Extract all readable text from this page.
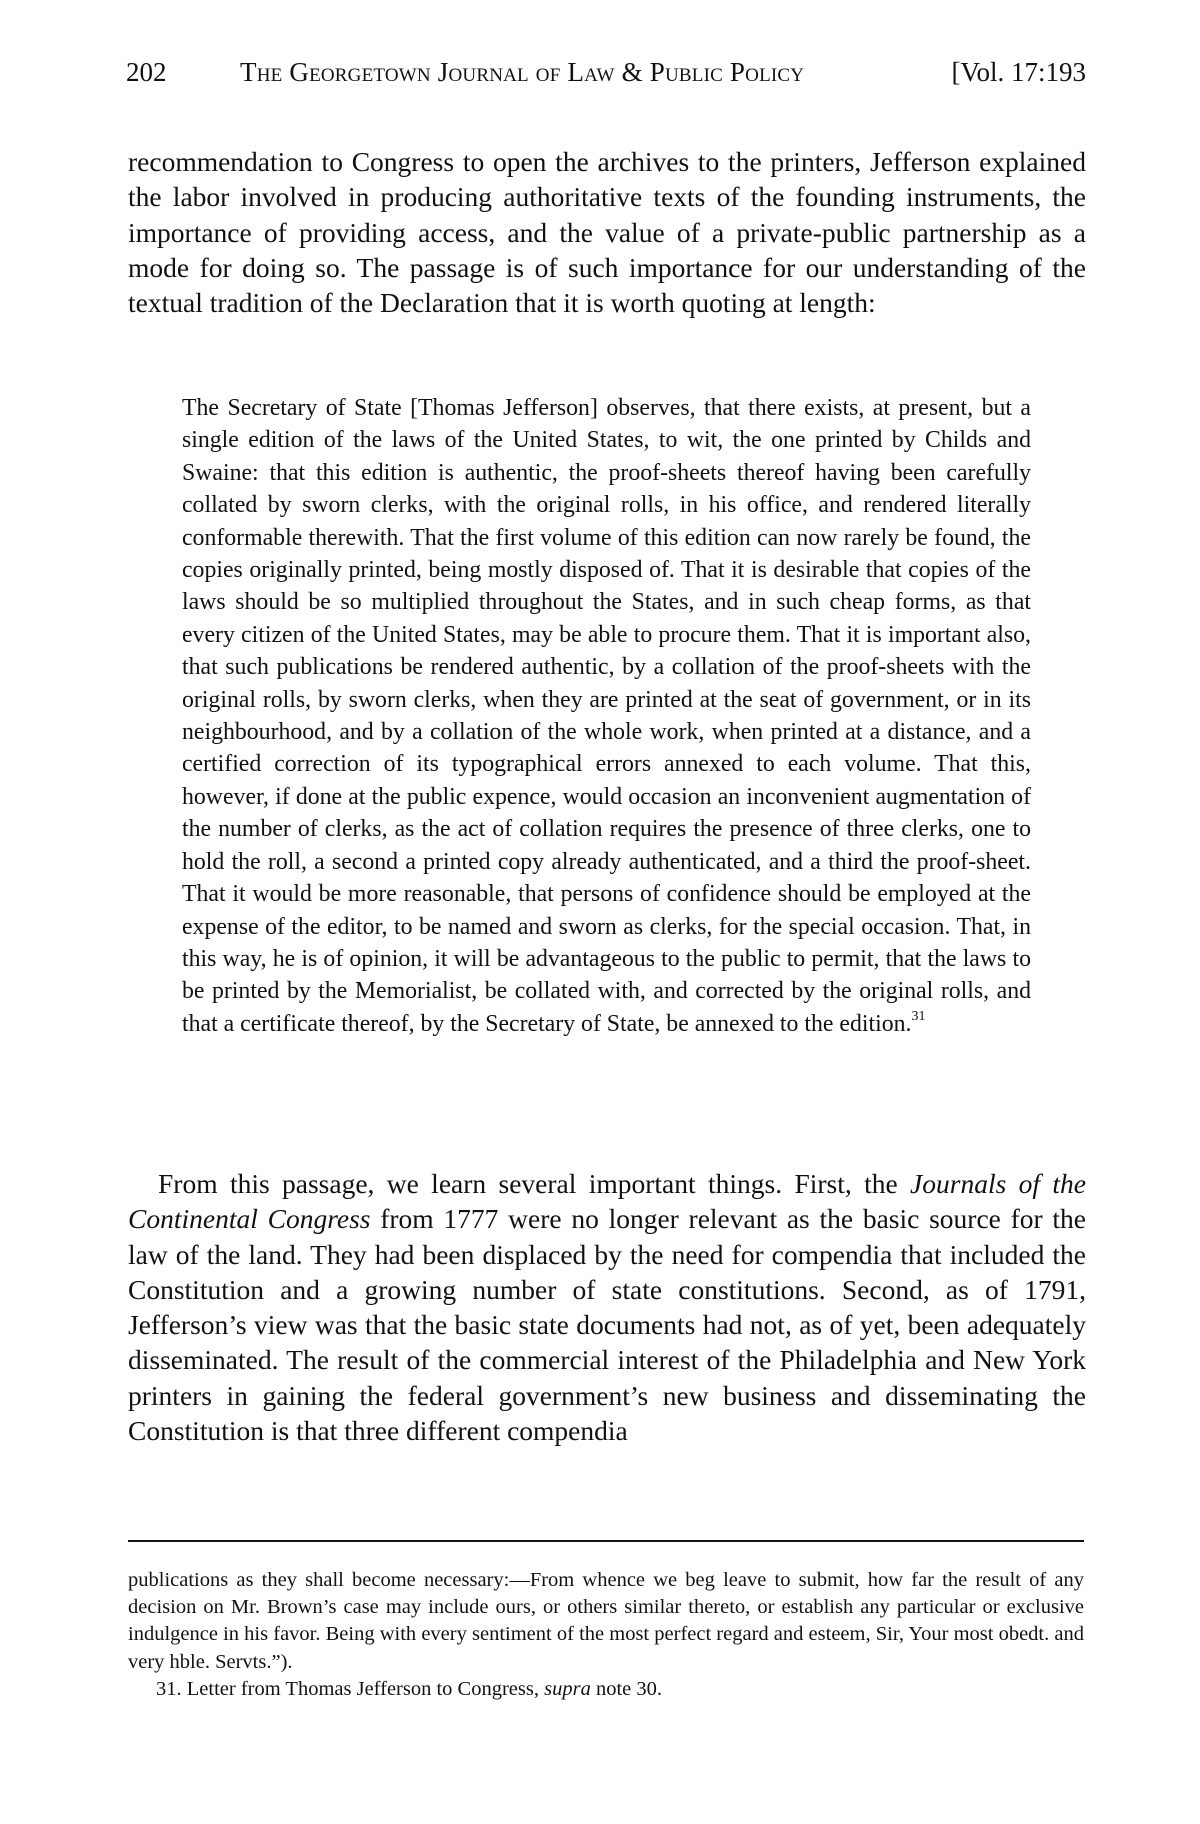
202	The Georgetown Journal of Law & Public Policy	[Vol. 17:193

recommendation to Congress to open the archives to the printers, Jefferson explained the labor involved in producing authoritative texts of the founding instruments, the importance of providing access, and the value of a private-public partnership as a mode for doing so. The passage is of such importance for our understanding of the textual tradition of the Declaration that it is worth quoting at length:

The Secretary of State [Thomas Jefferson] observes, that there exists, at present, but a single edition of the laws of the United States, to wit, the one printed by Childs and Swaine: that this edition is authentic, the proof-sheets thereof having been carefully collated by sworn clerks, with the original rolls, in his office, and rendered literally conformable therewith. That the first volume of this edition can now rarely be found, the copies originally printed, being mostly disposed of. That it is desirable that copies of the laws should be so multiplied throughout the States, and in such cheap forms, as that every citizen of the United States, may be able to procure them. That it is important also, that such publications be rendered authentic, by a collation of the proof-sheets with the original rolls, by sworn clerks, when they are printed at the seat of government, or in its neighbourhood, and by a collation of the whole work, when printed at a distance, and a certified correction of its typographical errors annexed to each volume. That this, however, if done at the public expence, would occasion an inconvenient augmentation of the number of clerks, as the act of collation requires the presence of three clerks, one to hold the roll, a second a printed copy already authenticated, and a third the proof-sheet. That it would be more reasonable, that persons of confidence should be employed at the expense of the editor, to be named and sworn as clerks, for the special occasion. That, in this way, he is of opinion, it will be advantageous to the public to permit, that the laws to be printed by the Memorialist, be collated with, and corrected by the original rolls, and that a certificate thereof, by the Secretary of State, be annexed to the edition.$^{31}$

From this passage, we learn several important things. First, the Journals of the Continental Congress from 1777 were no longer relevant as the basic source for the law of the land. They had been displaced by the need for compendia that included the Constitution and a growing number of state constitutions. Second, as of 1791, Jefferson’s view was that the basic state documents had not, as of yet, been adequately disseminated. The result of the commercial interest of the Philadelphia and New York printers in gaining the federal government’s new business and disseminating the Constitution is that three different compendia

publications as they shall become necessary:—From whence we beg leave to submit, how far the result of any decision on Mr. Brown’s case may include ours, or others similar thereto, or establish any particular or exclusive indulgence in his favor. Being with every sentiment of the most perfect regard and esteem, Sir, Your most obedt. and very hble. Servts.”).

31. Letter from Thomas Jefferson to Congress, supra note 30.
